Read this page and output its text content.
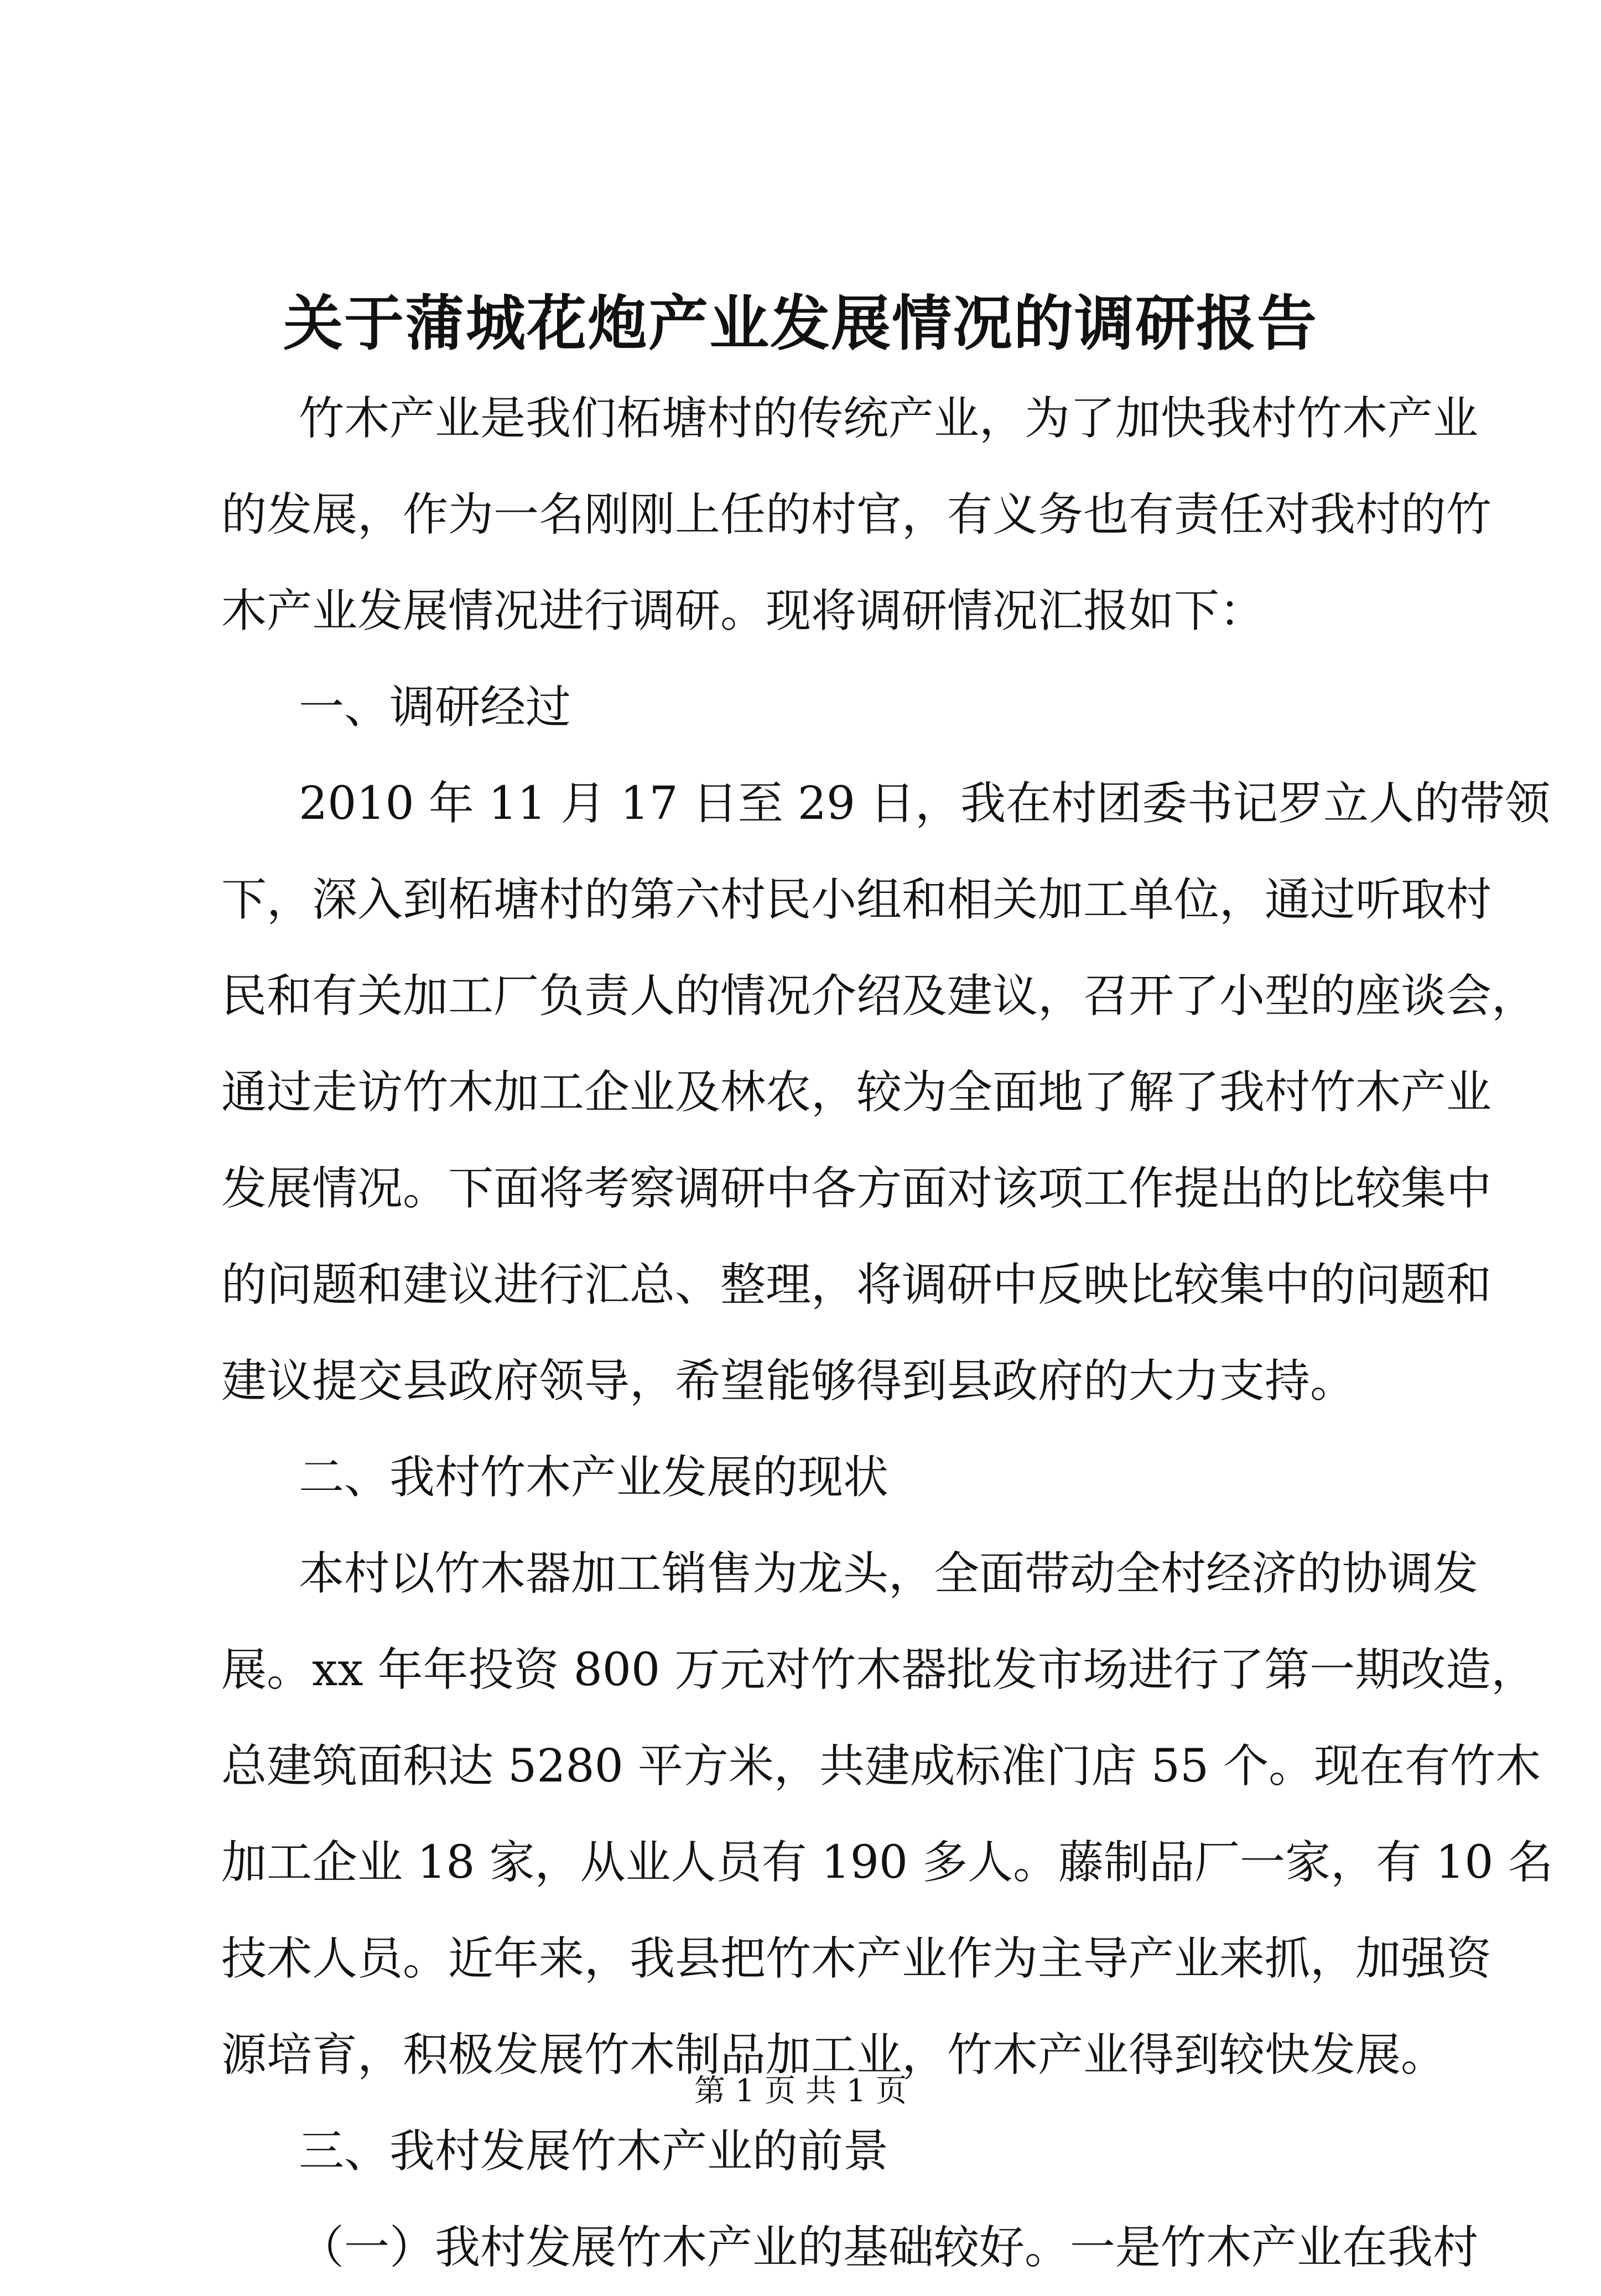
关于蒲城花炮产业发展情况的调研报告
竹木产业是我们柘塘村的传统产业，为了加快我村竹木产业
的发展，作为一名刚刚上任的村官，有义务也有责任对我村的竹
木产业发展情况进行调研。现将调研情况汇报如下：
一、调研经过
2010 年 11 月 17 日至 29 日，我在村团委书记罗立人的带领
下，深入到柘塘村的第六村民小组和相关加工单位，通过听取村
民和有关加工厂负责人的情况介绍及建议，召开了小型的座谈会，
通过走访竹木加工企业及林农，较为全面地了解了我村竹木产业
发展情况。下面将考察调研中各方面对该项工作提出的比较集中
的问题和建议进行汇总、整理，将调研中反映比较集中的问题和
建议提交县政府领导，希望能够得到县政府的大力支持。
二、我村竹木产业发展的现状
本村以竹木器加工销售为龙头，全面带动全村经济的协调发
展。xx 年年投资 800 万元对竹木器批发市场进行了第一期改造，
总建筑面积达 5280 平方米，共建成标准门店 55 个。现在有竹木
加工企业 18 家，从业人员有 190 多人。藤制品厂一家，有 10 名
技术人员。近年来，我县把竹木产业作为主导产业来抓，加强资
源培育，积极发展竹木制品加工业，竹木产业得到较快发展。
三、我村发展竹木产业的前景
（一）我村发展竹木产业的基础较好。一是竹木产业在我村
第 1 页 共 1 页
